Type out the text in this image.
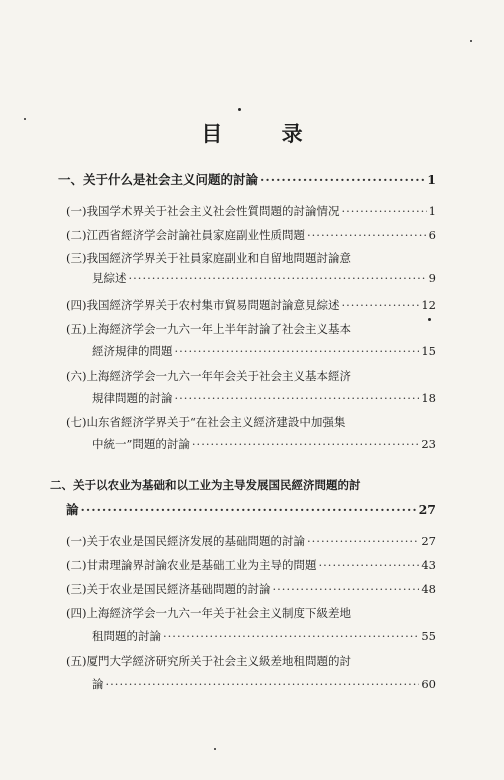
目 录
一、关于什么是社会主义问题的討論 ·····	1
(一)我国学术界关于社会主义社会性質問題的討論情况 ·····	1
(二)江西省經济学会討論社員家庭副业性质問題 ·····	6
(三)我国經济学界关于社員家庭副业和自留地問題討論意
見綜述 ·····	9
(四)我国經济学界关于农村集市貿易問題討論意見綜述 ·····	12
(五)上海經济学会一九六一年上半年討論了社会主义基本
經济規律的問題 ·····	15
(六)上海經济学会一九六一年年会关于社会主义基本經济
規律問題的討論 ·····	18
(七)山东省經济学界关于“在社会主义經济建設中加强集
中統一”問題的討論 ·····	23
二、关于以农业为基础和以工业为主导发展国民經济問題的討
論 ·····	27
(一)关于农业是国民經济发展的基础問題的討論 ·····	27
(二)甘肃理論界討論农业是基础工业为主导的問題 ·····	43
(三)关于农业是国民經济基础問題的討論 ·····	48
(四)上海經济学会一九六一年关于社会主义制度下級差地
租問題的討論 ·····	55
(五)厦門大学經济研究所关于社会主义級差地租問題的討
論 ·····	60
